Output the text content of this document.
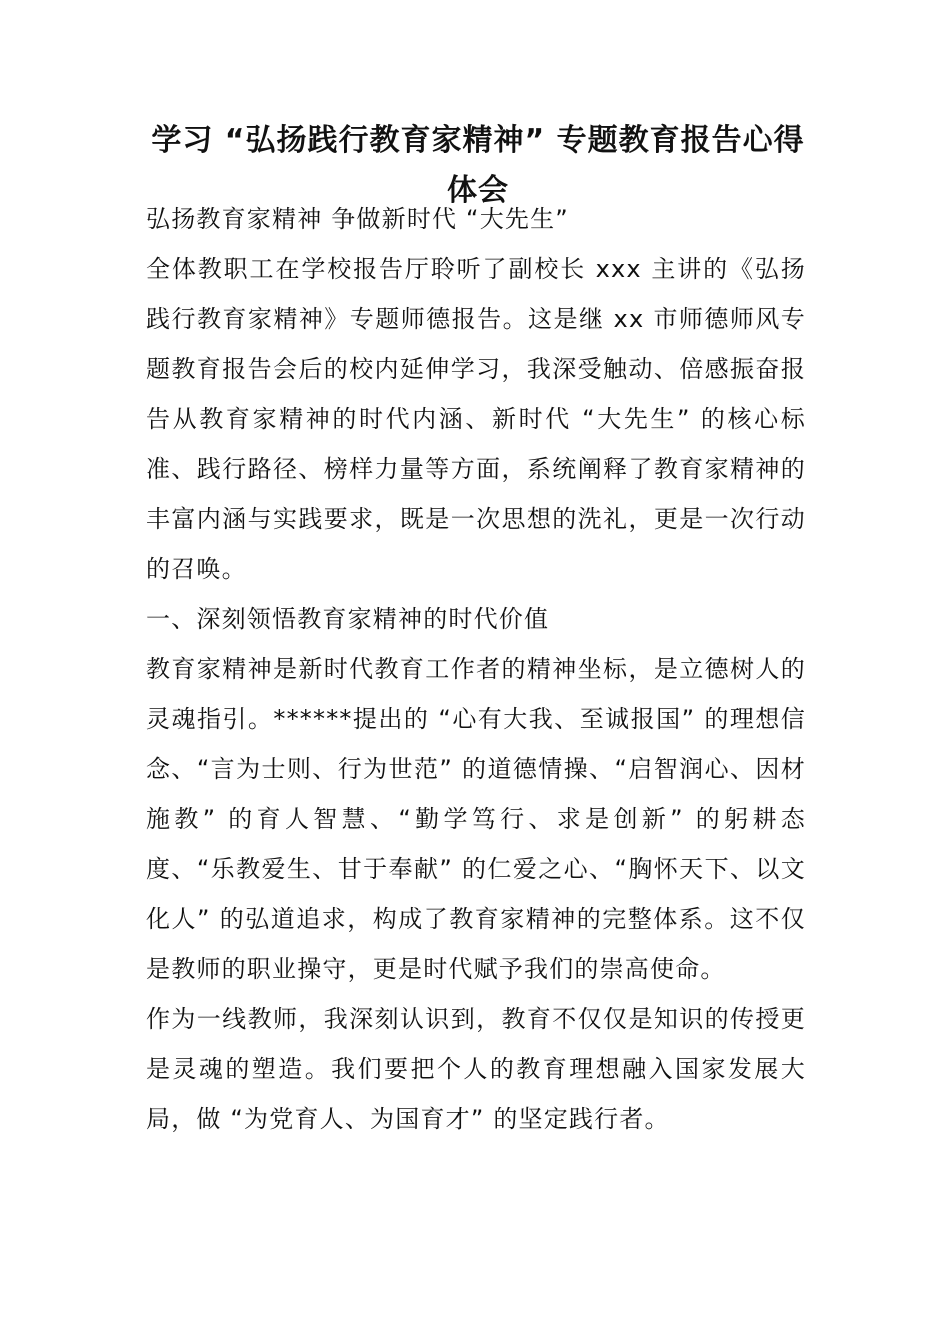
学习 “弘扬践行教育家精神” 专题教育报告心得体会

弘扬教育家精神 争做新时代 “大先生”

全体教职工在学校报告厅聆听了副校长 xxx 主讲的《弘扬践行教育家精神》专题师德报告。这是继 xx 市师德师风专题教育报告会后的校内延伸学习，我深受触动、倍感振奋报告从教育家精神的时代内涵、新时代 “大先生” 的核心标准、践行路径、榜样力量等方面，系统阐释了教育家精神的丰富内涵与实践要求，既是一次思想的洗礼，更是一次行动的召唤。

一、深刻领悟教育家精神的时代价值

教育家精神是新时代教育工作者的精神坐标，是立德树人的灵魂指引。******提出的 “心有大我、至诚报国” 的理想信念、“言为士则、行为世范” 的道德情操、“启智润心、因材施教” 的育人智慧、“勤学笃行、求是创新” 的躬耕态度、“乐教爱生、甘于奉献” 的仁爱之心、“胸怀天下、以文化人” 的弘道追求，构成了教育家精神的完整体系。这不仅是教师的职业操守，更是时代赋予我们的崇高使命。

作为一线教师，我深刻认识到，教育不仅仅是知识的传授更是灵魂的塑造。我们要把个人的教育理想融入国家发展大局，做 “为党育人、为国育才” 的坚定践行者。
